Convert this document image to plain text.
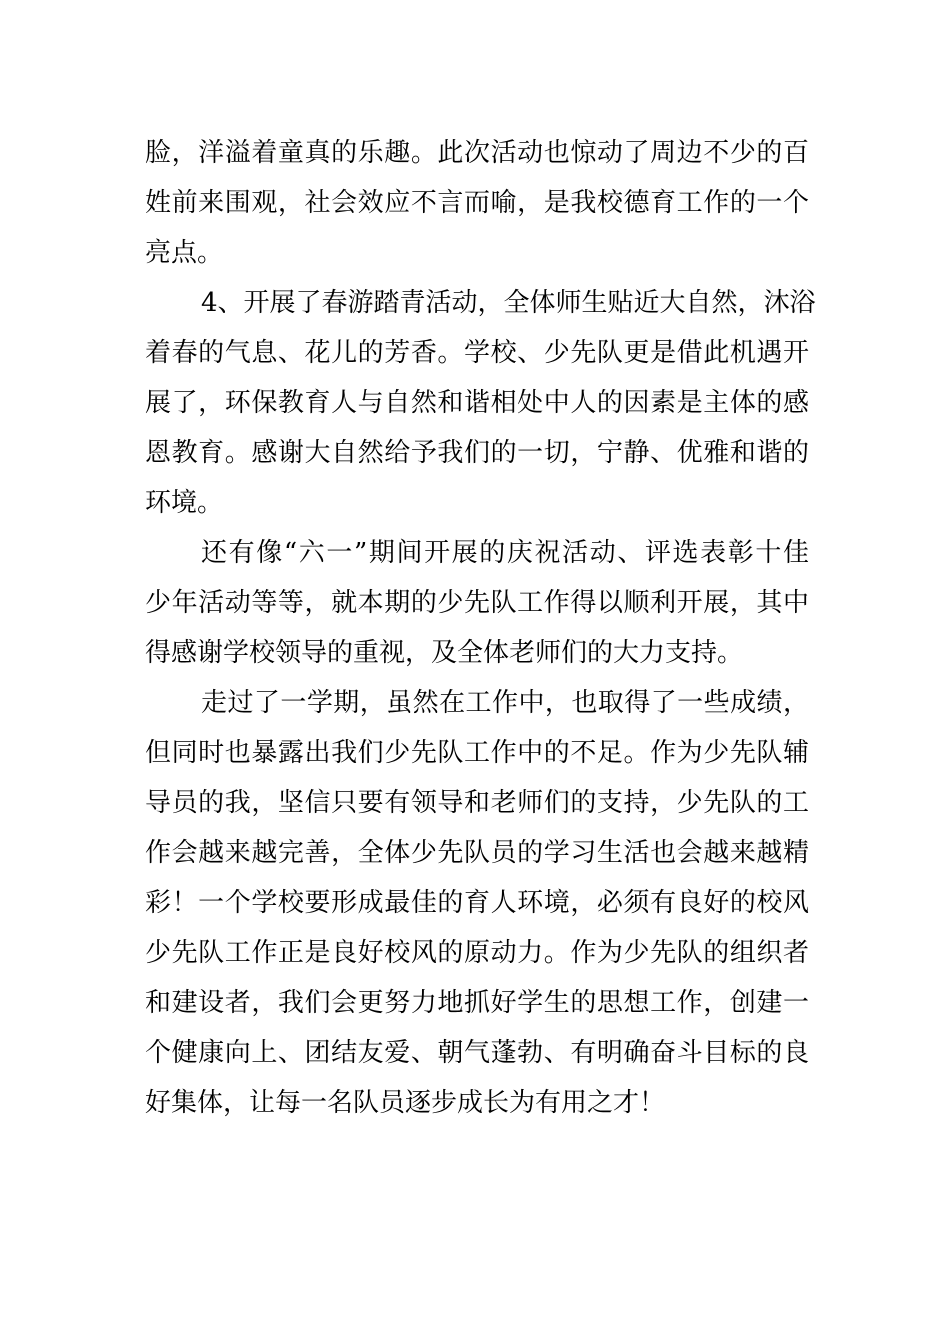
脸，洋溢着童真的乐趣。此次活动也惊动了周边不少的百
姓前来围观，社会效应不言而喻，是我校德育工作的一个
亮点。
4、开展了春游踏青活动，全体师生贴近大自然，沐浴
着春的气息、花儿的芳香。学校、少先队更是借此机遇开
展了，环保教育人与自然和谐相处中人的因素是主体的感
恩教育。感谢大自然给予我们的一切，宁静、优雅和谐的
环境。
还有像“六一”期间开展的庆祝活动、评选表彰十佳
少年活动等等，就本期的少先队工作得以顺利开展，其中
得感谢学校领导的重视，及全体老师们的大力支持。
走过了一学期，虽然在工作中，也取得了一些成绩，
但同时也暴露出我们少先队工作中的不足。作为少先队辅
导员的我，坚信只要有领导和老师们的支持，少先队的工
作会越来越完善，全体少先队员的学习生活也会越来越精
彩！一个学校要形成最佳的育人环境，必须有良好的校风
少先队工作正是良好校风的原动力。作为少先队的组织者
和建设者，我们会更努力地抓好学生的思想工作，创建一
个健康向上、团结友爱、朝气蓬勃、有明确奋斗目标的良
好集体，让每一名队员逐步成长为有用之才！
